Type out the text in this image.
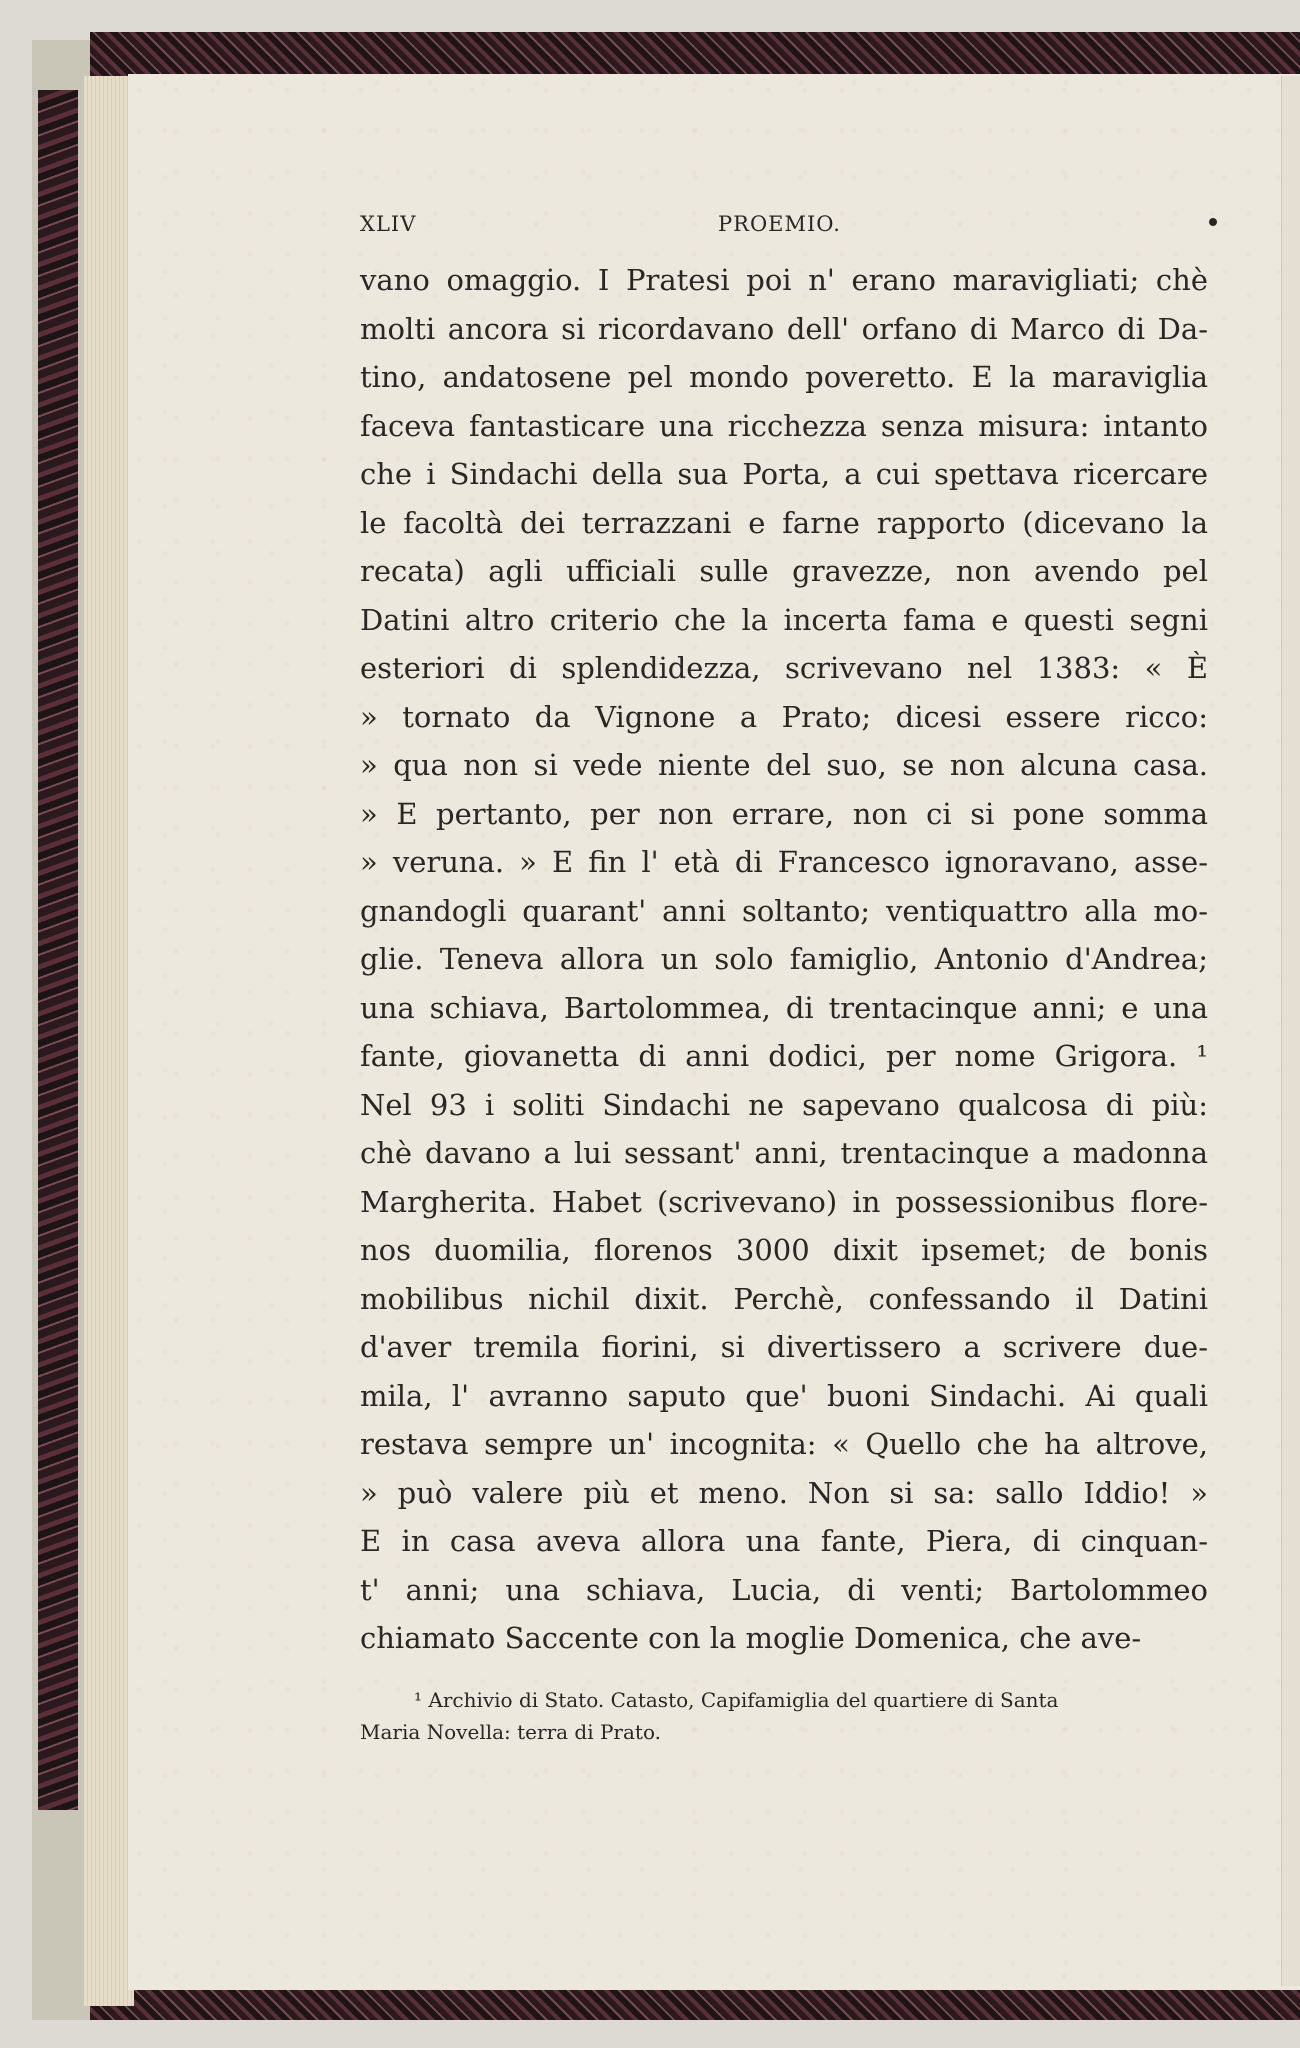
XLIV	PROEMIO.
vano omaggio. I Pratesi poi n' erano maravigliati; chè
molti ancora si ricordavano dell' orfano di Marco di Da-
tino, andatosene pel mondo poveretto. E la maraviglia
faceva fantasticare una ricchezza senza misura: intanto
che i Sindachi della sua Porta, a cui spettava ricercare
le facoltà dei terrazzani e farne rapporto (dicevano la
recata) agli ufficiali sulle gravezze, non avendo pel
Datini altro criterio che la incerta fama e questi segni
esteriori di splendidezza, scrivevano nel 1383: « È
» tornato da Vignone a Prato; dicesi essere ricco:
» qua non si vede niente del suo, se non alcuna casa.
» E pertanto, per non errare, non ci si pone somma
» veruna. » E fin l' età di Francesco ignoravano, asse-
gnandogli quarant' anni soltanto; ventiquattro alla mo-
glie. Teneva allora un solo famiglio, Antonio d'Andrea;
una schiava, Bartolommea, di trentacinque anni; e una
fante, giovanetta di anni dodici, per nome Grigora. ¹
Nel 93 i soliti Sindachi ne sapevano qualcosa di più:
chè davano a lui sessant' anni, trentacinque a madonna
Margherita. Habet (scrivevano) in possessionibus flore-
nos duomilia, florenos 3000 dixit ipsemet; de bonis
mobilibus nichil dixit. Perchè, confessando il Datini
d'aver tremila fiorini, si divertissero a scrivere due-
mila, l' avranno saputo que' buoni Sindachi. Ai quali
restava sempre un' incognita: « Quello che ha altrove,
» può valere più et meno. Non si sa: sallo Iddio! »
E in casa aveva allora una fante, Piera, di cinquan-
t' anni; una schiava, Lucia, di venti; Bartolommeo
chiamato Saccente con la moglie Domenica, che ave-
¹ Archivio di Stato. Catasto, Capifamiglia del quartiere di Santa
Maria Novella: terra di Prato.
